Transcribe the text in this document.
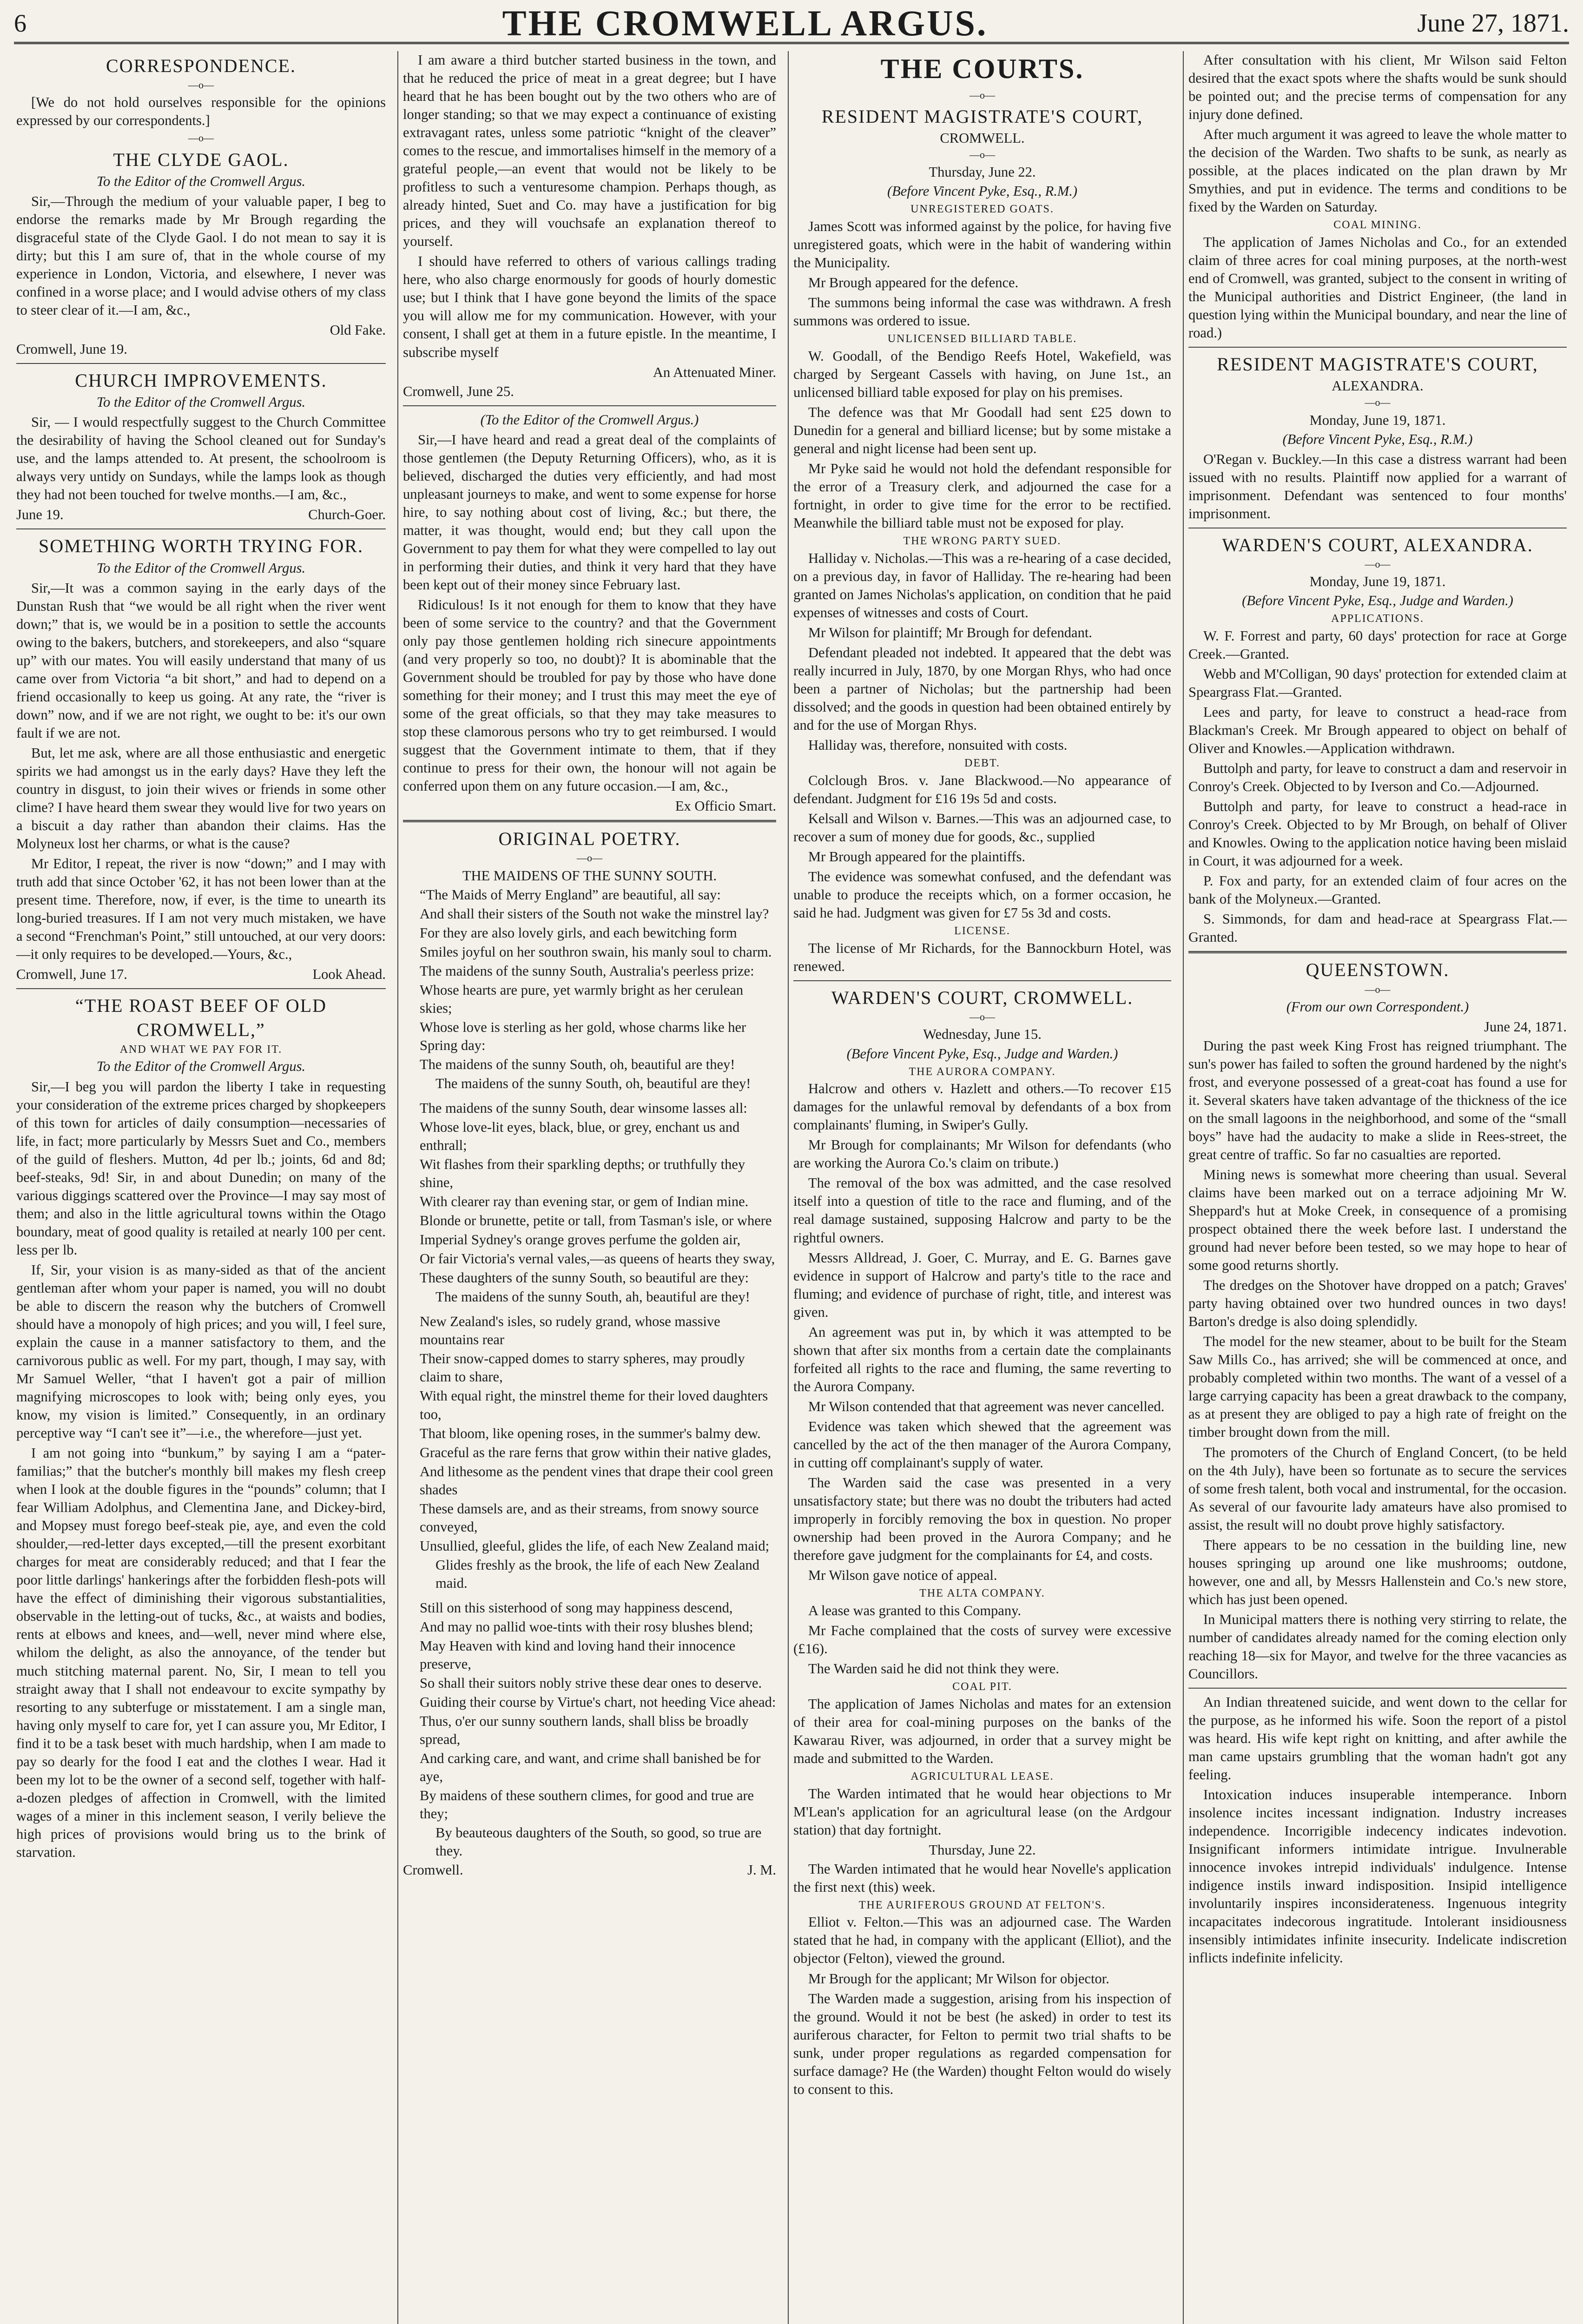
6	THE CROMWELL ARGUS.	June 27, 1871.

CORRESPONDENCE.

—o—

[We do not hold ourselves responsible for the opinions expressed by our correspondents.]

—o—

THE CLYDE GAOL.

To the Editor of the Cromwell Argus.

Sir,—Through the medium of your valuable paper, I beg to endorse the remarks made by Mr Brough regarding the disgraceful state of the Clyde Gaol. I do not mean to say it is dirty; but this I am sure of, that in the whole course of my experience in London, Victoria, and elsewhere, I never was confined in a worse place; and I would advise others of my class to steer clear of it.—I am, &c.,

Old Fake.

Cromwell, June 19.

CHURCH IMPROVEMENTS.

To the Editor of the Cromwell Argus.

Sir, — I would respectfully suggest to the Church Committee the desirability of having the School cleaned out for Sunday's use, and the lamps attended to. At present, the schoolroom is always very untidy on Sundays, while the lamps look as though they had not been touched for twelve months.—I am, &c.,

June 19.	Church-Goer.

SOMETHING WORTH TRYING FOR.

To the Editor of the Cromwell Argus.

Sir,—It was a common saying in the early days of the Dunstan Rush that “we would be all right when the river went down;” that is, we would be in a position to settle the accounts owing to the bakers, butchers, and storekeepers, and also “square up” with our mates. You will easily understand that many of us came over from Victoria “a bit short,” and had to depend on a friend occasionally to keep us going. At any rate, the “river is down” now, and if we are not right, we ought to be: it's our own fault if we are not.

But, let me ask, where are all those enthusiastic and energetic spirits we had amongst us in the early days? Have they left the country in disgust, to join their wives or friends in some other clime? I have heard them swear they would live for two years on a biscuit a day rather than abandon their claims. Has the Molyneux lost her charms, or what is the cause?

Mr Editor, I repeat, the river is now “down;” and I may with truth add that since October '62, it has not been lower than at the present time. Therefore, now, if ever, is the time to unearth its long-buried treasures. If I am not very much mistaken, we have a second “Frenchman's Point,” still untouched, at our very doors:—it only requires to be developed.—Yours, &c.,

Cromwell, June 17.	Look Ahead.

“THE ROAST BEEF OF OLD CROMWELL,”

AND WHAT WE PAY FOR IT.

To the Editor of the Cromwell Argus.

Sir,—I beg you will pardon the liberty I take in requesting your consideration of the extreme prices charged by shopkeepers of this town for articles of daily consumption—necessaries of life, in fact; more particularly by Messrs Suet and Co., members of the guild of fleshers. Mutton, 4d per lb.; joints, 6d and 8d; beef-steaks, 9d! Sir, in and about Dunedin; on many of the various diggings scattered over the Province—I may say most of them; and also in the little agricultural towns within the Otago boundary, meat of good quality is retailed at nearly 100 per cent. less per lb.

If, Sir, your vision is as many-sided as that of the ancient gentleman after whom your paper is named, you will no doubt be able to discern the reason why the butchers of Cromwell should have a monopoly of high prices; and you will, I feel sure, explain the cause in a manner satisfactory to them, and the carnivorous public as well. For my part, though, I may say, with Mr Samuel Weller, “that I haven't got a pair of million magnifying microscopes to look with; being only eyes, you know, my vision is limited.” Consequently, in an ordinary perceptive way “I can't see it”—i.e., the wherefore—just yet.

I am not going into “bunkum,” by saying I am a “pater-familias;” that the butcher's monthly bill makes my flesh creep when I look at the double figures in the “pounds” column; that I fear William Adolphus, and Clementina Jane, and Dickey-bird, and Mopsey must forego beef-steak pie, aye, and even the cold shoulder,—red-letter days excepted,—till the present exorbitant charges for meat are considerably reduced; and that I fear the poor little darlings' hankerings after the forbidden flesh-pots will have the effect of diminishing their vigorous substantialities, observable in the letting-out of tucks, &c., at waists and bodies, rents at elbows and knees, and—well, never mind where else, whilom the delight, as also the annoyance, of the tender but much stitching maternal parent. No, Sir, I mean to tell you straight away that I shall not endeavour to excite sympathy by resorting to any subterfuge or misstatement. I am a single man, having only myself to care for, yet I can assure you, Mr Editor, I find it to be a task beset with much hardship, when I am made to pay so dearly for the food I eat and the clothes I wear. Had it been my lot to be the owner of a second self, together with half-a-dozen pledges of affection in Cromwell, with the limited wages of a miner in this inclement season, I verily believe the high prices of provisions would bring us to the brink of starvation.

I am aware a third butcher started business in the town, and that he reduced the price of meat in a great degree; but I have heard that he has been bought out by the two others who are of longer standing; so that we may expect a continuance of existing extravagant rates, unless some patriotic “knight of the cleaver” comes to the rescue, and immortalises himself in the memory of a grateful people,—an event that would not be likely to be profitless to such a venturesome champion. Perhaps though, as already hinted, Suet and Co. may have a justification for big prices, and they will vouchsafe an explanation thereof to yourself.

I should have referred to others of various callings trading here, who also charge enormously for goods of hourly domestic use; but I think that I have gone beyond the limits of the space you will allow me for my communication. However, with your consent, I shall get at them in a future epistle. In the meantime, I subscribe myself

An Attenuated Miner.

Cromwell, June 25.

(To the Editor of the Cromwell Argus.)

Sir,—I have heard and read a great deal of the complaints of those gentlemen (the Deputy Returning Officers), who, as it is believed, discharged the duties very efficiently, and had most unpleasant journeys to make, and went to some expense for horse hire, to say nothing about cost of living, &c.; but there, the matter, it was thought, would end; but they call upon the Government to pay them for what they were compelled to lay out in performing their duties, and think it very hard that they have been kept out of their money since February last.

Ridiculous! Is it not enough for them to know that they have been of some service to the country? and that the Government only pay those gentlemen holding rich sinecure appointments (and very properly so too, no doubt)? It is abominable that the Government should be troubled for pay by those who have done something for their money; and I trust this may meet the eye of some of the great officials, so that they may take measures to stop these clamorous persons who try to get reimbursed. I would suggest that the Government intimate to them, that if they continue to press for their own, the honour will not again be conferred upon them on any future occasion.—I am, &c.,

Ex Officio Smart.

ORIGINAL POETRY.

—o—

THE MAIDENS OF THE SUNNY SOUTH.

“The Maids of Merry England” are beautiful, all say:

And shall their sisters of the South not wake the minstrel lay?

For they are also lovely girls, and each bewitching form

Smiles joyful on her southron swain, his manly soul to charm.

The maidens of the sunny South, Australia's peerless prize:

Whose hearts are pure, yet warmly bright as her cerulean skies;

Whose love is sterling as her gold, whose charms like her Spring day:

The maidens of the sunny South, oh, beautiful are they!

The maidens of the sunny South, oh, beautiful are they!

The maidens of the sunny South, dear winsome lasses all:

Whose love-lit eyes, black, blue, or grey, enchant us and enthrall;

Wit flashes from their sparkling depths; or truthfully they shine,

With clearer ray than evening star, or gem of Indian mine.

Blonde or brunette, petite or tall, from Tasman's isle, or where

Imperial Sydney's orange groves perfume the golden air,

Or fair Victoria's vernal vales,—as queens of hearts they sway,

These daughters of the sunny South, so beautiful are they:

The maidens of the sunny South, ah, beautiful are they!

New Zealand's isles, so rudely grand, whose massive mountains rear

Their snow-capped domes to starry spheres, may proudly claim to share,

With equal right, the minstrel theme for their loved daughters too,

That bloom, like opening roses, in the summer's balmy dew.

Graceful as the rare ferns that grow within their native glades,

And lithesome as the pendent vines that drape their cool green shades

These damsels are, and as their streams, from snowy source conveyed,

Unsullied, gleeful, glides the life, of each New Zealand maid;

Glides freshly as the brook, the life of each New Zealand maid.

Still on this sisterhood of song may happiness descend,

And may no pallid woe-tints with their rosy blushes blend;

May Heaven with kind and loving hand their innocence preserve,

So shall their suitors nobly strive these dear ones to deserve.

Guiding their course by Virtue's chart, not heeding Vice ahead:

Thus, o'er our sunny southern lands, shall bliss be broadly spread,

And carking care, and want, and crime shall banished be for aye,

By maidens of these southern climes, for good and true are they;

By beauteous daughters of the South, so good, so true are they.

Cromwell.	J. M.

THE COURTS.

—o—

RESIDENT MAGISTRATE'S COURT,

CROMWELL.

—o—

Thursday, June 22.

(Before Vincent Pyke, Esq., R.M.)

UNREGISTERED GOATS.

James Scott was informed against by the police, for having five unregistered goats, which were in the habit of wandering within the Municipality.

Mr Brough appeared for the defence.

The summons being informal the case was withdrawn. A fresh summons was ordered to issue.

UNLICENSED BILLIARD TABLE.

W. Goodall, of the Bendigo Reefs Hotel, Wakefield, was charged by Sergeant Cassels with having, on June 1st., an unlicensed billiard table exposed for play on his premises.

The defence was that Mr Goodall had sent £25 down to Dunedin for a general and billiard license; but by some mistake a general and night license had been sent up.

Mr Pyke said he would not hold the defendant responsible for the error of a Treasury clerk, and adjourned the case for a fortnight, in order to give time for the error to be rectified. Meanwhile the billiard table must not be exposed for play.

THE WRONG PARTY SUED.

Halliday v. Nicholas.—This was a re-hearing of a case decided, on a previous day, in favor of Halliday. The re-hearing had been granted on James Nicholas's application, on condition that he paid expenses of witnesses and costs of Court.

Mr Wilson for plaintiff; Mr Brough for defendant.

Defendant pleaded not indebted. It appeared that the debt was really incurred in July, 1870, by one Morgan Rhys, who had once been a partner of Nicholas; but the partnership had been dissolved; and the goods in question had been obtained entirely by and for the use of Morgan Rhys.

Halliday was, therefore, nonsuited with costs.

DEBT.

Colclough Bros. v. Jane Blackwood.—No appearance of defendant. Judgment for £16 19s 5d and costs.

Kelsall and Wilson v. Barnes.—This was an adjourned case, to recover a sum of money due for goods, &c., supplied

Mr Brough appeared for the plaintiffs.

The evidence was somewhat confused, and the defendant was unable to produce the receipts which, on a former occasion, he said he had. Judgment was given for £7 5s 3d and costs.

LICENSE.

The license of Mr Richards, for the Bannockburn Hotel, was renewed.

WARDEN'S COURT, CROMWELL.

—o—

Wednesday, June 15.

(Before Vincent Pyke, Esq., Judge and Warden.)

THE AURORA COMPANY.

Halcrow and others v. Hazlett and others.—To recover £15 damages for the unlawful removal by defendants of a box from complainants' fluming, in Swiper's Gully.

Mr Brough for complainants; Mr Wilson for defendants (who are working the Aurora Co.'s claim on tribute.)

The removal of the box was admitted, and the case resolved itself into a question of title to the race and fluming, and of the real damage sustained, supposing Halcrow and party to be the rightful owners.

Messrs Alldread, J. Goer, C. Murray, and E. G. Barnes gave evidence in support of Halcrow and party's title to the race and fluming; and evidence of purchase of right, title, and interest was given.

An agreement was put in, by which it was attempted to be shown that after six months from a certain date the complainants forfeited all rights to the race and fluming, the same reverting to the Aurora Company.

Mr Wilson contended that that agreement was never cancelled.

Evidence was taken which shewed that the agreement was cancelled by the act of the then manager of the Aurora Company, in cutting off complainant's supply of water.

The Warden said the case was presented in a very unsatisfactory state; but there was no doubt the tributers had acted improperly in forcibly removing the box in question. No proper ownership had been proved in the Aurora Company; and he therefore gave judgment for the complainants for £4, and costs.

Mr Wilson gave notice of appeal.

THE ALTA COMPANY.

A lease was granted to this Company.

Mr Fache complained that the costs of survey were excessive (£16).

The Warden said he did not think they were.

COAL PIT.

The application of James Nicholas and mates for an extension of their area for coal-mining purposes on the banks of the Kawarau River, was adjourned, in order that a survey might be made and submitted to the Warden.

AGRICULTURAL LEASE.

The Warden intimated that he would hear objections to Mr M'Lean's application for an agricultural lease (on the Ardgour station) that day fortnight.

Thursday, June 22.

The Warden intimated that he would hear Novelle's application the first next (this) week.

THE AURIFEROUS GROUND AT FELTON'S.

Elliot v. Felton.—This was an adjourned case. The Warden stated that he had, in company with the applicant (Elliot), and the objector (Felton), viewed the ground.

Mr Brough for the applicant; Mr Wilson for objector.

The Warden made a suggestion, arising from his inspection of the ground. Would it not be best (he asked) in order to test its auriferous character, for Felton to permit two trial shafts to be sunk, under proper regulations as regarded compensation for surface damage? He (the Warden) thought Felton would do wisely to consent to this.

After consultation with his client, Mr Wilson said Felton desired that the exact spots where the shafts would be sunk should be pointed out; and the precise terms of compensation for any injury done defined.

After much argument it was agreed to leave the whole matter to the decision of the Warden. Two shafts to be sunk, as nearly as possible, at the places indicated on the plan drawn by Mr Smythies, and put in evidence. The terms and conditions to be fixed by the Warden on Saturday.

COAL MINING.

The application of James Nicholas and Co., for an extended claim of three acres for coal mining purposes, at the north-west end of Cromwell, was granted, subject to the consent in writing of the Municipal authorities and District Engineer, (the land in question lying within the Municipal boundary, and near the line of road.)

RESIDENT MAGISTRATE'S COURT,

ALEXANDRA.

—o—

Monday, June 19, 1871.

(Before Vincent Pyke, Esq., R.M.)

O'Regan v. Buckley.—In this case a distress warrant had been issued with no results. Plaintiff now applied for a warrant of imprisonment. Defendant was sentenced to four months' imprisonment.

WARDEN'S COURT, ALEXANDRA.

—o—

Monday, June 19, 1871.

(Before Vincent Pyke, Esq., Judge and Warden.)

APPLICATIONS.

W. F. Forrest and party, 60 days' protection for race at Gorge Creek.—Granted.

Webb and M'Colligan, 90 days' protection for extended claim at Speargrass Flat.—Granted.

Lees and party, for leave to construct a head-race from Blackman's Creek. Mr Brough appeared to object on behalf of Oliver and Knowles.—Application withdrawn.

Buttolph and party, for leave to construct a dam and reservoir in Conroy's Creek. Objected to by Iverson and Co.—Adjourned.

Buttolph and party, for leave to construct a head-race in Conroy's Creek. Objected to by Mr Brough, on behalf of Oliver and Knowles. Owing to the application notice having been mislaid in Court, it was adjourned for a week.

P. Fox and party, for an extended claim of four acres on the bank of the Molyneux.—Granted.

S. Simmonds, for dam and head-race at Speargrass Flat.—Granted.

QUEENSTOWN.

—o—

(From our own Correspondent.)

June 24, 1871.

During the past week King Frost has reigned triumphant. The sun's power has failed to soften the ground hardened by the night's frost, and everyone possessed of a great-coat has found a use for it. Several skaters have taken advantage of the thickness of the ice on the small lagoons in the neighborhood, and some of the “small boys” have had the audacity to make a slide in Rees-street, the great centre of traffic. So far no casualties are reported.

Mining news is somewhat more cheering than usual. Several claims have been marked out on a terrace adjoining Mr W. Sheppard's hut at Moke Creek, in consequence of a promising prospect obtained there the week before last. I understand the ground had never before been tested, so we may hope to hear of some good returns shortly.

The dredges on the Shotover have dropped on a patch; Graves' party having obtained over two hundred ounces in two days! Barton's dredge is also doing splendidly.

The model for the new steamer, about to be built for the Steam Saw Mills Co., has arrived; she will be commenced at once, and probably completed within two months. The want of a vessel of a large carrying capacity has been a great drawback to the company, as at present they are obliged to pay a high rate of freight on the timber brought down from the mill.

The promoters of the Church of England Concert, (to be held on the 4th July), have been so fortunate as to secure the services of some fresh talent, both vocal and instrumental, for the occasion. As several of our favourite lady amateurs have also promised to assist, the result will no doubt prove highly satisfactory.

There appears to be no cessation in the building line, new houses springing up around one like mushrooms; outdone, however, one and all, by Messrs Hallenstein and Co.'s new store, which has just been opened.

In Municipal matters there is nothing very stirring to relate, the number of candidates already named for the coming election only reaching 18—six for Mayor, and twelve for the three vacancies as Councillors.

An Indian threatened suicide, and went down to the cellar for the purpose, as he informed his wife. Soon the report of a pistol was heard. His wife kept right on knitting, and after awhile the man came upstairs grumbling that the woman hadn't got any feeling.

Intoxication induces insuperable intemperance. Inborn insolence incites incessant indignation. Industry increases independence. Incorrigible indecency indicates indevotion. Insignificant informers intimidate intrigue. Invulnerable innocence invokes intrepid individuals' indulgence. Intense indigence instils inward indisposition. Insipid intelligence involuntarily inspires inconsiderateness. Ingenuous integrity incapacitates indecorous ingratitude. Intolerant insidiousness insensibly intimidates infinite insecurity. Indelicate indiscretion inflicts indefinite infelicity.
